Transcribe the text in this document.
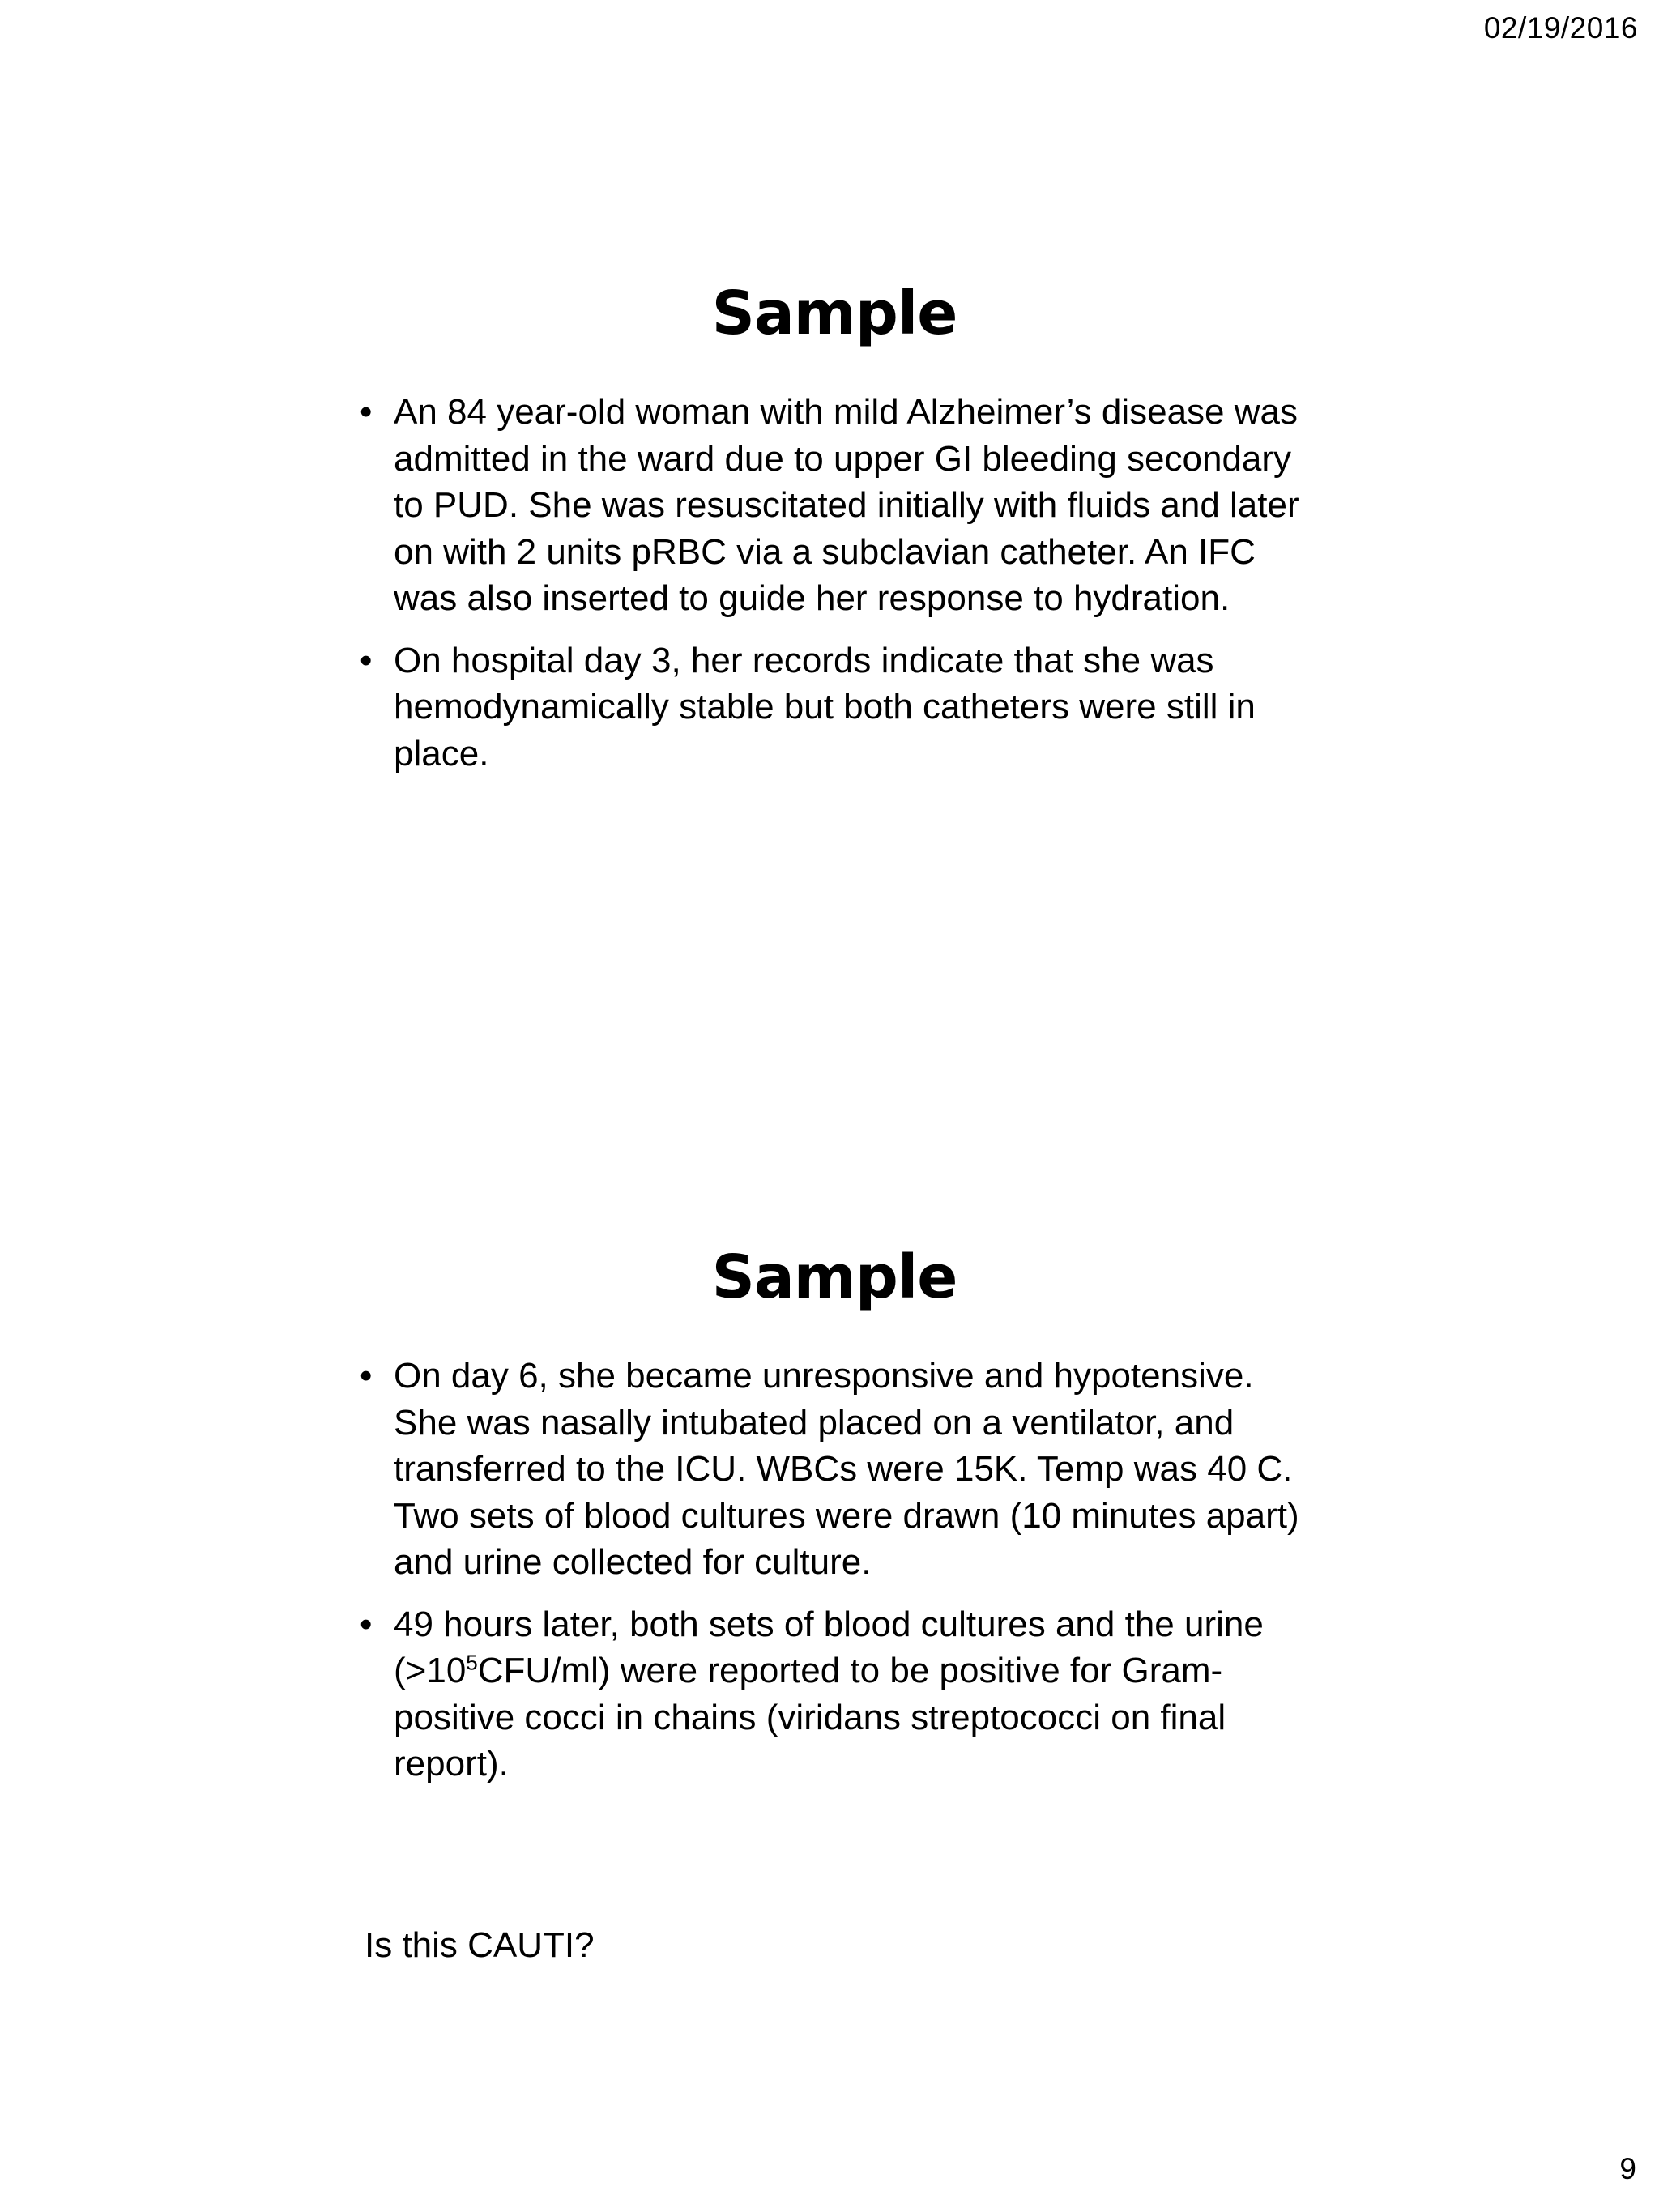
02/19/2016
Sample
• An 84 year-old woman with mild Alzheimer’s disease was admitted in the ward due to upper GI bleeding secondary to PUD. She was resuscitated initially with fluids and later on with 2 units pRBC via a subclavian catheter. An IFC was also inserted to guide her response to hydration.
• On hospital day 3, her records indicate that she was hemodynamically stable but both catheters were still in place.
Sample
• On day 6, she became unresponsive and hypotensive. She was nasally intubated placed on a ventilator, and transferred to the ICU. WBCs were 15K. Temp was 40 C. Two sets of blood cultures were drawn (10 minutes apart) and urine collected for culture.
• 49 hours later, both sets of blood cultures and the urine $(>10^5CFU/ml)$ were reported to be positive for Gram-positive cocci in chains (viridans streptococci on final report).
Is this CAUTI?
9
